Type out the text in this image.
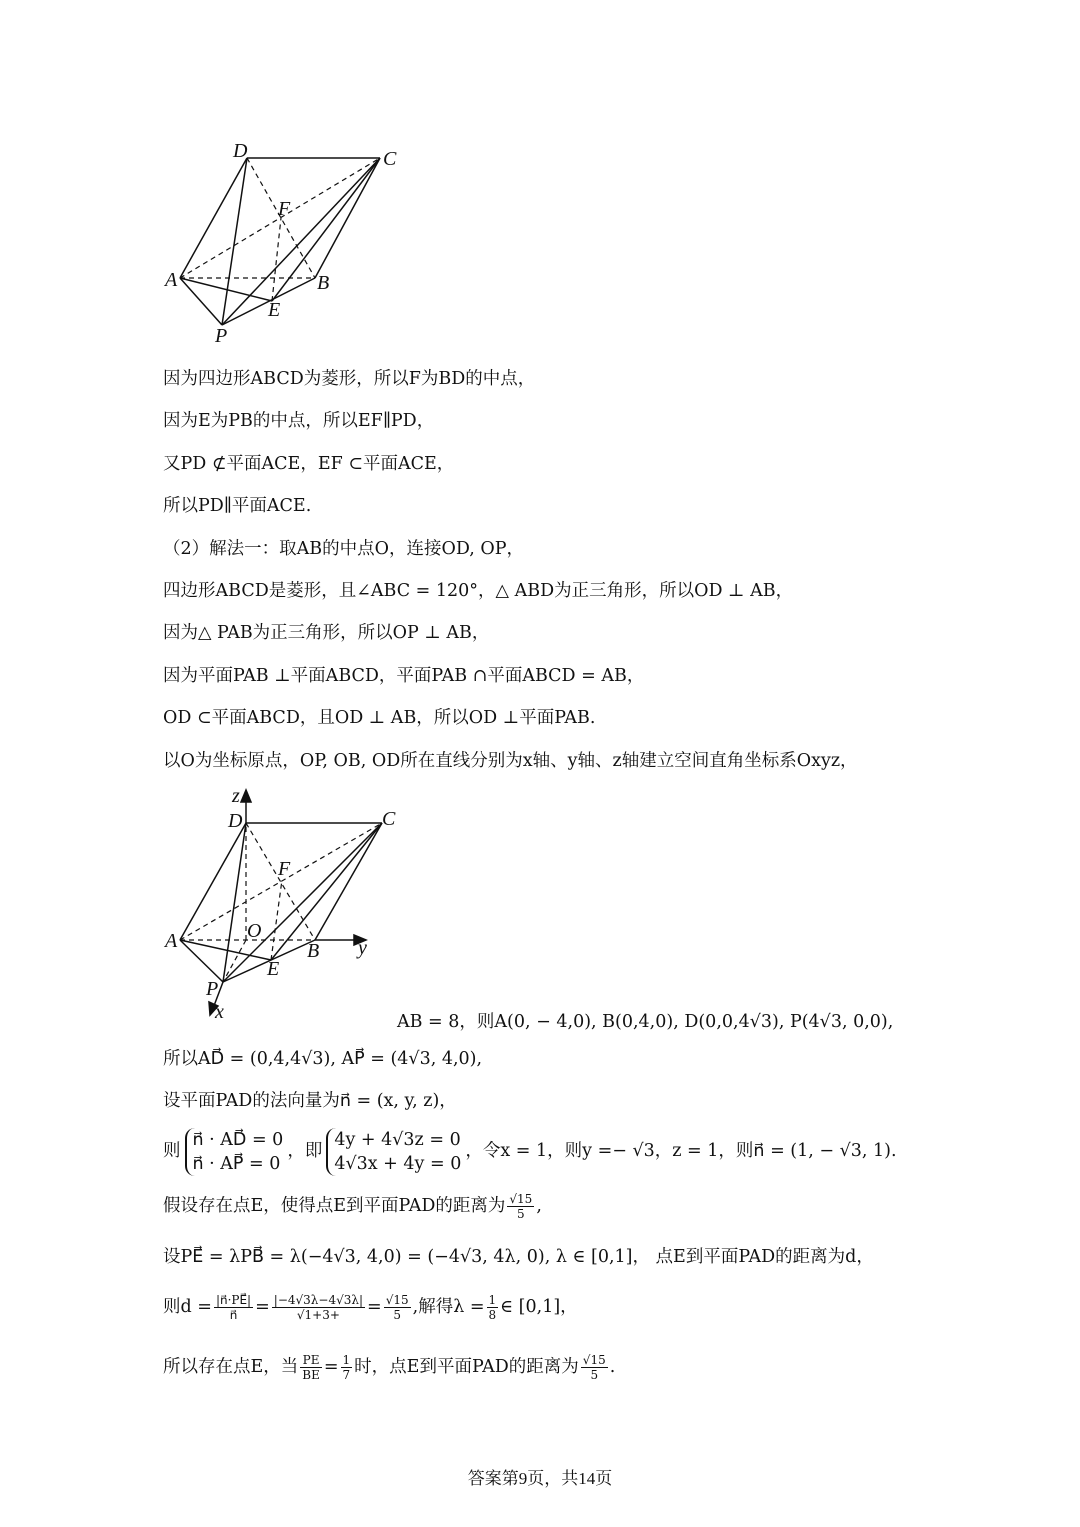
D	C
F
A	B
E
P
因为四边形ABCD为菱形，所以F为BD的中点，
因为E为PB的中点，所以EF∥PD，
又PD ⊄平面ACE，EF ⊂平面ACE，
所以PD∥平面ACE.
（2）解法一：取AB的中点O，连接OD, OP，
四边形ABCD是菱形，且∠ABC = 120°，△ ABD为正三角形，所以OD ⊥ AB，
因为△ PAB为正三角形，所以OP ⊥ AB，
因为平面PAB ⊥平面ABCD，平面PAB ∩平面ABCD = AB，
OD ⊂平面ABCD，且OD ⊥ AB，所以OD ⊥平面PAB.
以O为坐标原点，OP, OB, OD所在直线分别为x轴、y轴、z轴建立空间直角坐标系Oxyz，
z
D	C
F
A	O
B y
E
P
x	AB = 8，则A(0, − 4,0), B(0,4,0), D(0,0,4√3), P(4√3, 0,0),
所以AD⃗ = (0,4,4√3), AP⃗ = (4√3, 4,0),
设平面PAD的法向量为n⃗ = (x, y, z)，
则
n⃗ · AD⃗ = 0
n⃗ · AP⃗ = 0
，即
4y + 4√3z = 0
4√3x + 4y = 0
，令x = 1，则y =− √3，z = 1，则n⃗ = (1, − √3, 1).
假设存在点E，使得点E到平面PAD的距离为 $\frac{√15}{5}$ ,
设PE⃗ = λPB⃗ = λ(−4√3, 4,0) = (−4√3, 4λ, 0), λ ∈ [0,1]， 点E到平面PAD的距离为d，
则$d = \frac{|n⃗\cdot PE⃗|}{n⃗} = \frac{|-4√3\lambda-4√3\lambda|}{√1+3+} = \frac{√15}{5}$ ,解得$\lambda = \frac{1}{8}$ ∈ [0,1]，
所以存在点E，当 $\frac{PE}{BE} = \frac{1}{7}$ 时，点E到平面PAD的距离为 $\frac{√15}{5}$ .
答案第9页，共14页
